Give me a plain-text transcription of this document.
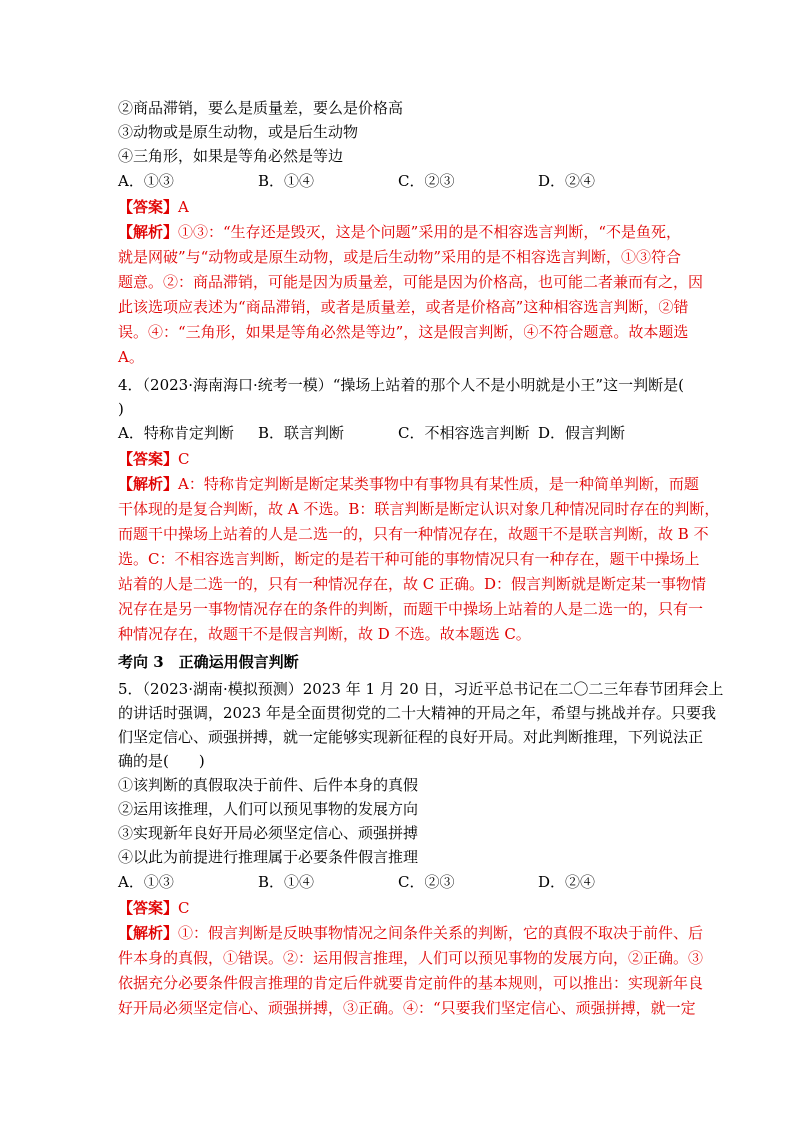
②商品滞销，要么是质量差，要么是价格高
③动物或是原生动物，或是后生动物
④三角形，如果是等角必然是等边
A．①③	B．①④	C．②③	D．②④
【答案】A
【解析】①③：“生存还是毁灭，这是个问题”采用的是不相容选言判断，“不是鱼死，
就是网破”与“动物或是原生动物，或是后生动物”采用的是不相容选言判断，①③符合
题意。②：商品滞销，可能是因为质量差，可能是因为价格高，也可能二者兼而有之，因
此该选项应表述为“商品滞销，或者是质量差，或者是价格高”这种相容选言判断，②错
误。④：“三角形，如果是等角必然是等边”，这是假言判断，④不符合题意。故本题选
A。
4．（2023·海南海口·统考一模）“操场上站着的那个人不是小明就是小王”这一判断是(
)
A．特称肯定判断 B．联言判断	C．不相容选言判断 D．假言判断
【答案】C
【解析】A：特称肯定判断是断定某类事物中有事物具有某性质，是一种简单判断，而题
干体现的是复合判断，故 A 不选。B：联言判断是断定认识对象几种情况同时存在的判断，
而题干中操场上站着的人是二选一的，只有一种情况存在，故题干不是联言判断，故 B 不
选。C：不相容选言判断，断定的是若干种可能的事物情况只有一种存在，题干中操场上
站着的人是二选一的，只有一种情况存在，故 C 正确。D：假言判断就是断定某一事物情
况存在是另一事物情况存在的条件的判断，而题干中操场上站着的人是二选一的，只有一
种情况存在，故题干不是假言判断，故 D 不选。故本题选 C。
考向 3　正确运用假言判断
5．（2023·湖南·模拟预测）2023 年 1 月 20 日，习近平总书记在二〇二三年春节团拜会上
的讲话时强调，2023 年是全面贯彻党的二十大精神的开局之年，希望与挑战并存。只要我
们坚定信心、顽强拼搏，就一定能够实现新征程的良好开局。对此判断推理，下列说法正
确的是(　　)
①该判断的真假取决于前件、后件本身的真假
②运用该推理，人们可以预见事物的发展方向
③实现新年良好开局必须坚定信心、顽强拼搏
④以此为前提进行推理属于必要条件假言推理
A．①③	B．①④	C．②③	D．②④
【答案】C
【解析】①：假言判断是反映事物情况之间条件关系的判断，它的真假不取决于前件、后
件本身的真假，①错误。②：运用假言推理，人们可以预见事物的发展方向，②正确。③
依据充分必要条件假言推理的肯定后件就要肯定前件的基本规则，可以推出：实现新年良
好开局必须坚定信心、顽强拼搏，③正确。④：“只要我们坚定信心、顽强拼搏，就一定
